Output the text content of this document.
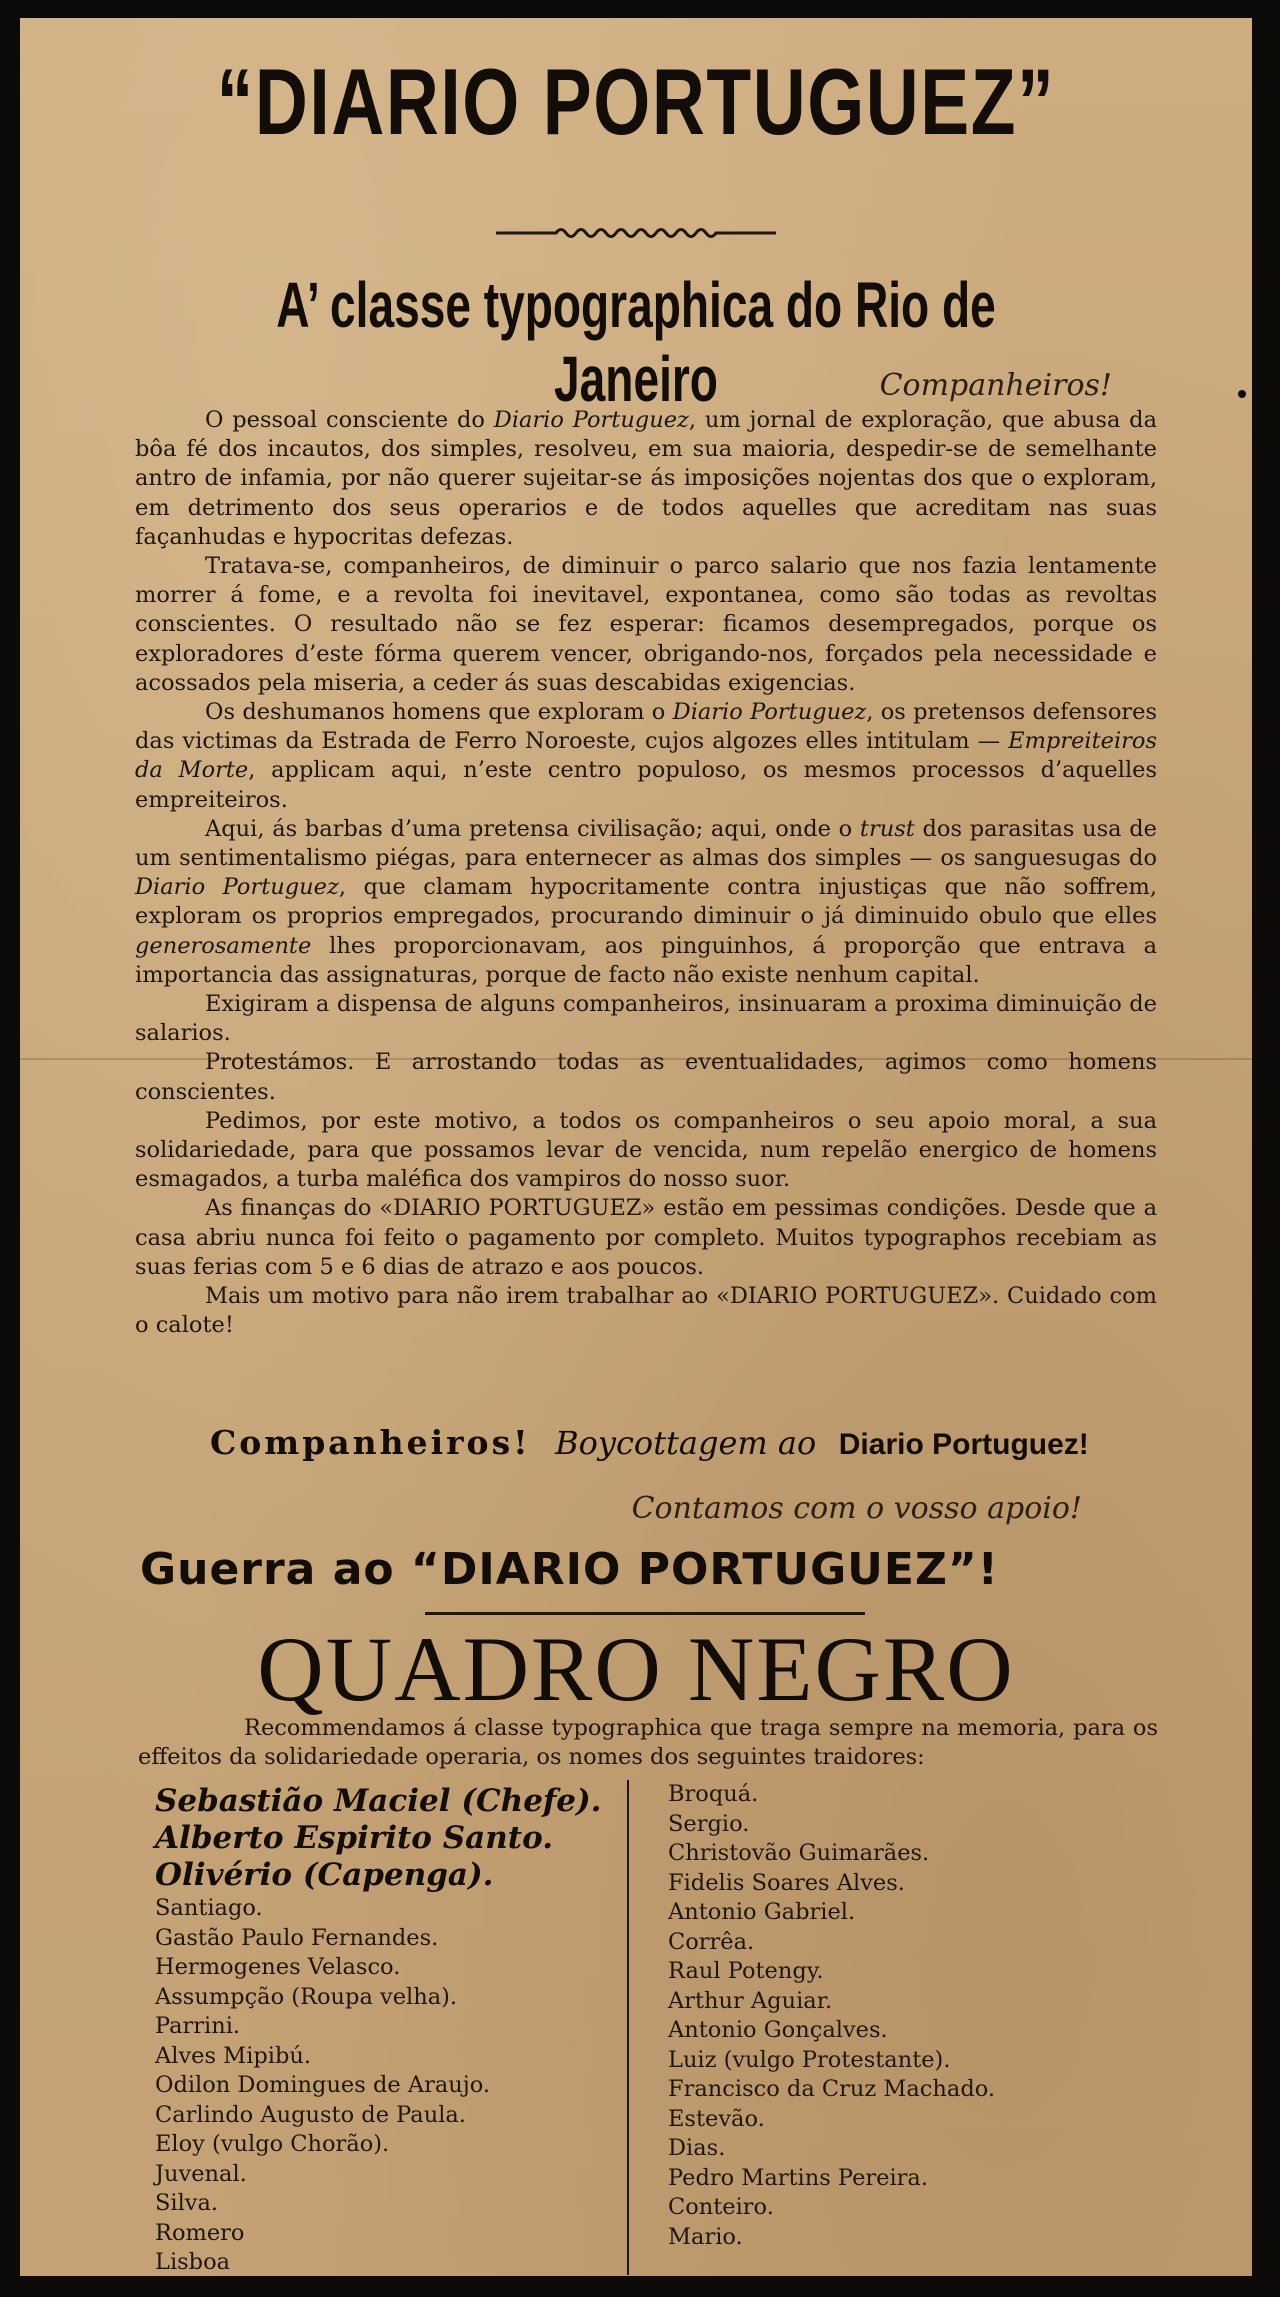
“DIARIO PORTUGUEZ”
A’ classe typographica do Rio de Janeiro	Companheiros!

O pessoal consciente do Diario Portuguez, um jornal de exploração, que abusa da bôa fé dos incautos, dos simples, resolveu, em sua maioria, despedir-se de semelhante antro de infamia, por não querer sujeitar-se ás imposições nojentas dos que o exploram, em detrimento dos seus operarios e de todos aquelles que acreditam nas suas façanhudas e hypocritas defezas.

Tratava-se, companheiros, de diminuir o parco salario que nos fazia lentamente morrer á fome, e a revolta foi inevitavel, expontanea, como são todas as revoltas conscientes. O resultado não se fez esperar: ficamos desempregados, porque os exploradores d’este fórma querem vencer, obrigando-nos, forçados pela necessidade e acossados pela miseria, a ceder ás suas descabidas exigencias.

Os deshumanos homens que exploram o Diario Portuguez, os pretensos defensores das victimas da Estrada de Ferro Noroeste, cujos algozes elles intitulam — Empreiteiros da Morte, applicam aqui, n’este centro populoso, os mesmos processos d’aquelles empreiteiros.

Aqui, ás barbas d’uma pretensa civilisação; aqui, onde o trust dos parasitas usa de um sentimentalismo piégas, para enternecer as almas dos simples — os sanguesugas do Diario Portuguez, que clamam hypocritamente contra injustiças que não soffrem, exploram os proprios empregados, procurando diminuir o já diminuido obulo que elles generosamente lhes proporcionavam, aos pinguinhos, á proporção que entrava a importancia das assignaturas, porque de facto não existe nenhum capital.

Exigiram a dispensa de alguns companheiros, insinuaram a proxima diminuição de salarios.

Protestámos. E arrostando todas as eventualidades, agimos como homens conscientes.

Pedimos, por este motivo, a todos os companheiros o seu apoio moral, a sua solidariedade, para que possamos levar de vencida, num repelão energico de homens esmagados, a turba maléfica dos vampiros do nosso suor.

As finanças do «DIARIO PORTUGUEZ» estão em pessimas condições. Desde que a casa abriu nunca foi feito o pagamento por completo. Muitos typographos recebiam as suas ferias com 5 e 6 dias de atrazo e aos poucos.

Mais um motivo para não irem trabalhar ao «DIARIO PORTUGUEZ». Cuidado com o calote!

Companheiros! Boycottagem ao Diario Portuguez!
Contamos com o vosso apoio!
Guerra ao “DIARIO PORTUGUEZ”!
QUADRO NEGRO

Recommendamos á classe typographica que traga sempre na memoria, para os effeitos da solidariedade operaria, os nomes dos seguintes traidores:

Sebastião Maciel (Chefe).
Alberto Espirito Santo.
Olivério (Capenga).
Santiago.
Gastão Paulo Fernandes.
Hermogenes Velasco.
Assumpção (Roupa velha).
Parrini.
Alves Mipibú.
Odilon Domingues de Araujo.
Carlindo Augusto de Paula.
Eloy (vulgo Chorão).
Juvenal.
Silva.
Romero
Lisboa
Broquá.
Sergio.
Christovão Guimarães.
Fidelis Soares Alves.
Antonio Gabriel.
Corrêa.
Raul Potengy.
Arthur Aguiar.
Antonio Gonçalves.
Luiz (vulgo Protestante).
Francisco da Cruz Machado.
Estevão.
Dias.
Pedro Martins Pereira.
Conteiro.
Mario.
